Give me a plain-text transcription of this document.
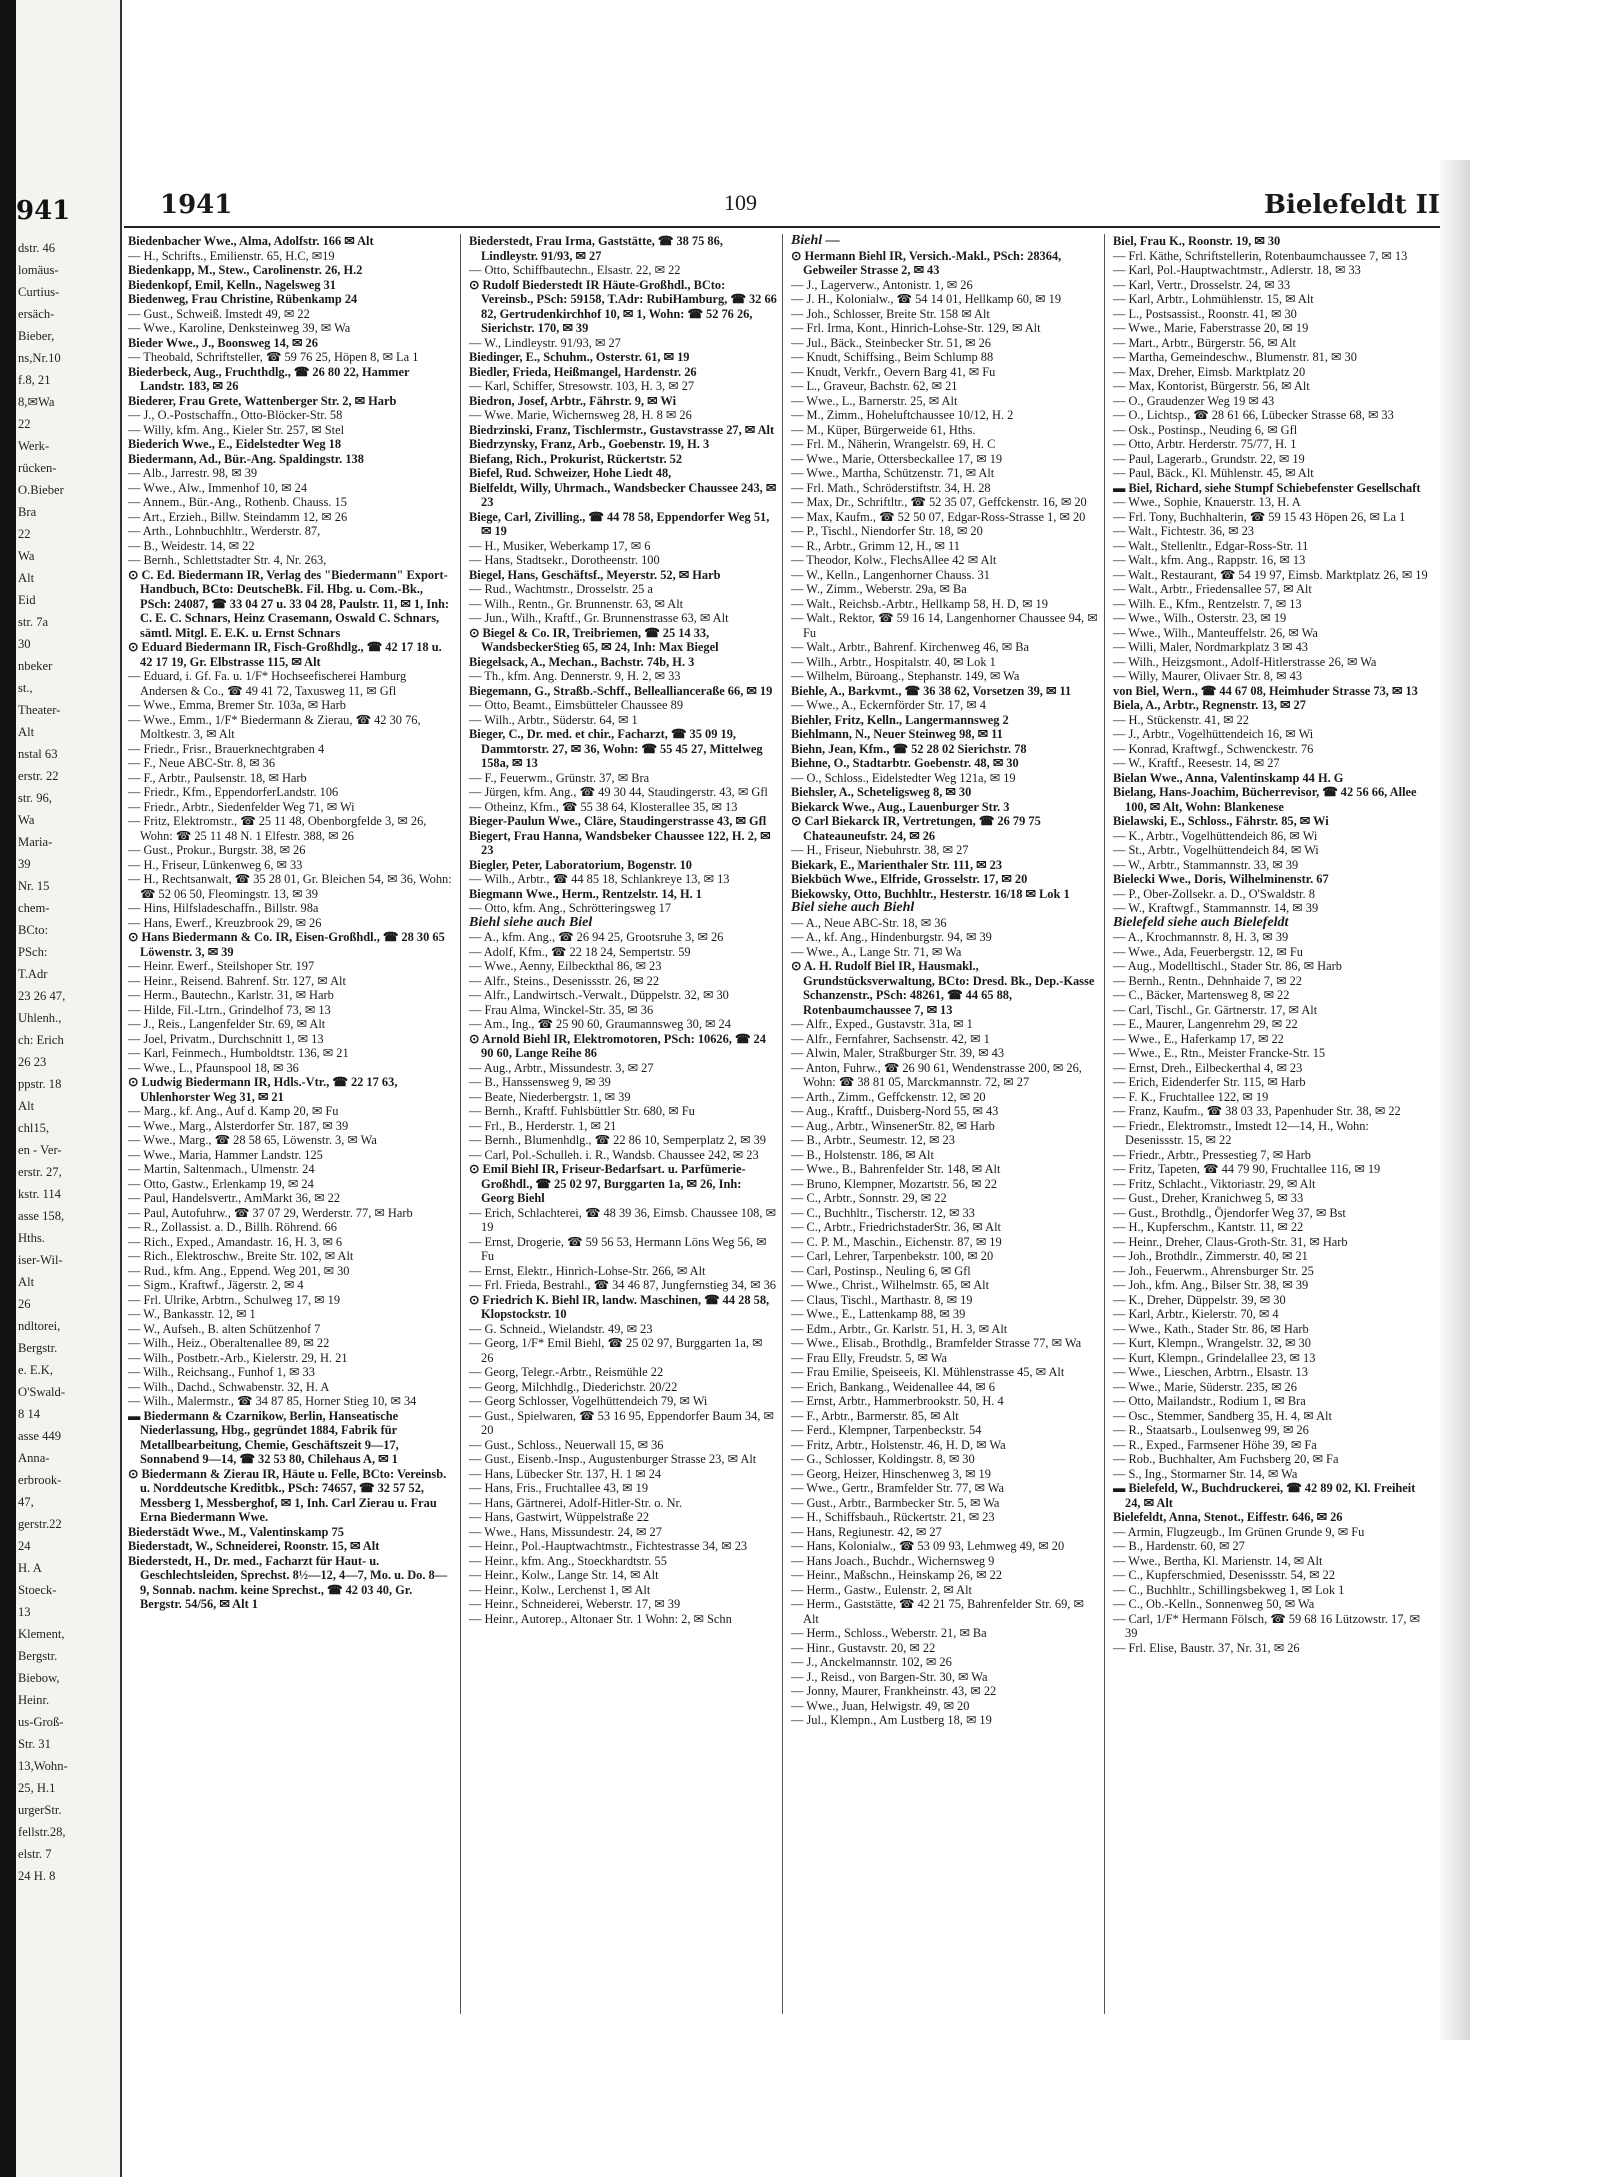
941
dstr. 46
lomäus-
Curtius-
ersäch-
Bieber,
ns,Nr.10
f.8, 21
8,✉Wa
22
Werk-
rücken-
O.Bieber
Bra
22
Wa
Alt
Eid
str. 7a
30
nbeker
st.,
Theater-
Alt
nstal 63
erstr. 22
str. 96,
Wa
Maria-
39
Nr. 15
chem-
BCto:
PSch:
T.Adr
23 26 47,
Uhlenh.,
ch: Erich
26 23
ppstr. 18
Alt
chl15,
en - Ver-
erstr. 27,
kstr. 114
asse 158,
Hths.
iser-Wil-
Alt
26
ndltorei,
Bergstr.
e. E.K,
O'Swald-
8 14
asse 449
Anna-
erbrook-
47,
gerstr.22
24
H. A
Stoeck-
13
Klement,
Bergstr.
Biebow,
Heinr.
us-Groß-
Str. 31
13,Wohn-
25, H.1
urgerStr.
fellstr.28,
elstr. 7
24 H. 8
1941	109	Bielefeldt II
Biedenbacher Wwe., Alma, Adolfstr. 166 ✉ Alt
— H., Schrifts., Emilienstr. 65, H.C, ✉19
Biedenkapp, M., Stew., Carolinenstr. 26, H.2
Biedenkopf, Emil, Kelln., Nagelsweg 31
Biedenweg, Frau Christine, Rübenkamp 24
— Gust., Schweiß. Imstedt 49, ✉ 22
— Wwe., Karoline, Denksteinweg 39, ✉ Wa
Bieder Wwe., J., Boonsweg 14, ✉ 26
— Theobald, Schriftsteller, ☎ 59 76 25, Höpen 8, ✉ La 1
Biederbeck, Aug., Fruchthdlg., ☎ 26 80 22, Hammer Landstr. 183, ✉ 26
Biederer, Frau Grete, Wattenberger Str. 2, ✉ Harb
— J., O.-Postschaffn., Otto-Blöcker-Str. 58
— Willy, kfm. Ang., Kieler Str. 257, ✉ Stel
Biederich Wwe., E., Eidelstedter Weg 18
Biedermann, Ad., Bür.-Ang. Spaldingstr. 138
— Alb., Jarrestr. 98, ✉ 39
— Wwe., Alw., Immenhof 10, ✉ 24
— Annem., Bür.-Ang., Rothenb. Chauss. 15
— Art., Erzieh., Billw. Steindamm 12, ✉ 26
— Arth., Lohnbuchhltr., Werderstr. 87,
— B., Weidestr. 14, ✉ 22
— Bernh., Schlettstadter Str. 4, Nr. 263,
⊙ C. Ed. Biedermann IR, Verlag des "Biedermann" Export-Handbuch, BCto: DeutscheBk. Fil. Hbg. u. Com.-Bk., PSch: 24087, ☎ 33 04 27 u. 33 04 28, Paulstr. 11, ✉ 1, Inh: C. E. C. Schnars, Heinz Crasemann, Oswald C. Schnars, sämtl. Mitgl. E. E.K. u. Ernst Schnars
⊙ Eduard Biedermann IR, Fisch-Großhdlg., ☎ 42 17 18 u. 42 17 19, Gr. Elbstrasse 115, ✉ Alt
— Eduard, i. Gf. Fa. u. 1/F* Hochseefischerei Hamburg Andersen & Co., ☎ 49 41 72, Taxusweg 11, ✉ Gfl
— Wwe., Emma, Bremer Str. 103a, ✉ Harb
— Wwe., Emm., 1/F* Biedermann & Zierau, ☎ 42 30 76, Moltkestr. 3, ✉ Alt
— Friedr., Frisr., Brauerknechtgraben 4
— F., Neue ABC-Str. 8, ✉ 36
— F., Arbtr., Paulsenstr. 18, ✉ Harb
— Friedr., Kfm., EppendorferLandstr. 106
— Friedr., Arbtr., Siedenfelder Weg 71, ✉ Wi
— Fritz, Elektromstr., ☎ 25 11 48, Obenborgfelde 3, ✉ 26, Wohn: ☎ 25 11 48 N. 1 Elfestr. 388, ✉ 26
— Gust., Prokur., Burgstr. 38, ✉ 26
— H., Friseur, Lünkenweg 6, ✉ 33
— H., Rechtsanwalt, ☎ 35 28 01, Gr. Bleichen 54, ✉ 36, Wohn: ☎ 52 06 50, Fleomingstr. 13, ✉ 39
— Hins, Hilfsladeschaffn., Billstr. 98a
— Hans, Ewerf., Kreuzbrook 29, ✉ 26
⊙ Hans Biedermann & Co. IR, Eisen-Großhdl., ☎ 28 30 65 Löwenstr. 3, ✉ 39
— Heinr. Ewerf., Steilshoper Str. 197
— Heinr., Reisend. Bahrenf. Str. 127, ✉ Alt
— Herm., Bautechn., Karlstr. 31, ✉ Harb
— Hilde, Fil.-Ltrn., Grindelhof 73, ✉ 13
— J., Reis., Langenfelder Str. 69, ✉ Alt
— Joel, Privatm., Durchschnitt 1, ✉ 13
— Karl, Feinmech., Humboldtstr. 136, ✉ 21
— Wwe., L., Pfaunspool 18, ✉ 36
⊙ Ludwig Biedermann IR, Hdls.-Vtr., ☎ 22 17 63, Uhlenhorster Weg 31, ✉ 21
— Marg., kf. Ang., Auf d. Kamp 20, ✉ Fu
— Wwe., Marg., Alsterdorfer Str. 187, ✉ 39
— Wwe., Marg., ☎ 28 58 65, Löwenstr. 3, ✉ Wa
— Wwe., Maria, Hammer Landstr. 125
— Martin, Saltenmach., Ulmenstr. 24
— Otto, Gastw., Erlenkamp 19, ✉ 24
— Paul, Handelsvertr., AmMarkt 36, ✉ 22
— Paul, Autofuhrw., ☎ 37 07 29, Werderstr. 77, ✉ Harb
— R., Zollassist. a. D., Billh. Röhrend. 66
— Rich., Exped., Amandastr. 16, H. 3, ✉ 6
— Rich., Elektroschw., Breite Str. 102, ✉ Alt
— Rud., kfm. Ang., Eppend. Weg 201, ✉ 30
— Sigm., Kraftwf., Jägerstr. 2, ✉ 4
— Frl. Ulrike, Arbtrn., Schulweg 17, ✉ 19
— W., Bankasstr. 12, ✉ 1
— W., Aufseh., B. alten Schützenhof 7
— Wilh., Heiz., Oberaltenallee 89, ✉ 22
— Wilh., Postbetr.-Arb., Kielerstr. 29, H. 21
— Wilh., Reichsang., Funhof 1, ✉ 33
— Wilh., Dachd., Schwabenstr. 32, H. A
— Wilh., Malermstr., ☎ 34 87 85, Horner Stieg 10, ✉ 34
▬ Biedermann & Czarnikow, Berlin, Hanseatische Niederlassung, Hbg., gegründet 1884, Fabrik für Metallbearbeitung, Chemie, Geschäftszeit 9—17, Sonnabend 9—14, ☎ 32 53 80, Chilehaus A, ✉ 1
⊙ Biedermann & Zierau IR, Häute u. Felle, BCto: Vereinsb. u. Norddeutsche Kreditbk., PSch: 74657, ☎ 32 57 52, Messberg 1, Messberghof, ✉ 1, Inh. Carl Zierau u. Frau Erna Biedermann Wwe.
Biederstädt Wwe., M., Valentinskamp 75
Biederstadt, W., Schneiderei, Roonstr. 15, ✉ Alt
Biederstedt, H., Dr. med., Facharzt für Haut- u. Geschlechtsleiden, Sprechst. 8½—12, 4—7, Mo. u. Do. 8—9, Sonnab. nachm. keine Sprechst., ☎ 42 03 40, Gr. Bergstr. 54/56, ✉ Alt 1
Biederstedt, Frau Irma, Gaststätte, ☎ 38 75 86, Lindleystr. 91/93, ✉ 27
— Otto, Schiffbautechn., Elsastr. 22, ✉ 22
⊙ Rudolf Biederstedt IR Häute-Großhdl., BCto: Vereinsb., PSch: 59158, T.Adr: RubiHamburg, ☎ 32 66 82, Gertrudenkirchhof 10, ✉ 1, Wohn: ☎ 52 76 26, Sierichstr. 170, ✉ 39
— W., Lindleystr. 91/93, ✉ 27
Biedinger, E., Schuhm., Osterstr. 61, ✉ 19
Biedler, Frieda, Heißmangel, Hardenstr. 26
— Karl, Schiffer, Stresowstr. 103, H. 3, ✉ 27
Biedron, Josef, Arbtr., Fährstr. 9, ✉ Wi
— Wwe. Marie, Wichernsweg 28, H. 8 ✉ 26
Biedrzinski, Franz, Tischlermstr., Gustavstrasse 27, ✉ Alt
Biedrzynsky, Franz, Arb., Goebenstr. 19, H. 3
Biefang, Rich., Prokurist, Rückertstr. 52
Biefel, Rud. Schweizer, Hohe Liedt 48,
Bielfeldt, Willy, Uhrmach., Wandsbecker Chaussee 243, ✉ 23
Biege, Carl, Zivilling., ☎ 44 78 58, Eppendorfer Weg 51, ✉ 19
— H., Musiker, Weberkamp 17, ✉ 6
— Hans, Stadtsekr., Dorotheenstr. 100
Biegel, Hans, Geschäftsf., Meyerstr. 52, ✉ Harb
— Rud., Wachtmstr., Drosselstr. 25 a
— Wilh., Rentn., Gr. Brunnenstr. 63, ✉ Alt
— Jun., Wilh., Kraftf., Gr. Brunnenstrasse 63, ✉ Alt
⊙ Biegel & Co. IR, Treibriemen, ☎ 25 14 33, WandsbeckerStieg 65, ✉ 24, Inh: Max Biegel
Biegelsack, A., Mechan., Bachstr. 74b, H. 3
— Th., kfm. Ang. Dennerstr. 9, H. 2, ✉ 33
Biegemann, G., Straßb.-Schff., Belleallianceraße 66, ✉ 19
— Otto, Beamt., Eimsbütteler Chaussee 89
— Wilh., Arbtr., Süderstr. 64, ✉ 1
Bieger, C., Dr. med. et chir., Facharzt, ☎ 35 09 19, Dammtorstr. 27, ✉ 36, Wohn: ☎ 55 45 27, Mittelweg 158a, ✉ 13
— F., Feuerwm., Grünstr. 37, ✉ Bra
— Jürgen, kfm. Ang., ☎ 49 30 44, Staudingerstr. 43, ✉ Gfl
— Otheinz, Kfm., ☎ 55 38 64, Klosterallee 35, ✉ 13
Bieger-Paulun Wwe., Cläre, Staudingerstrasse 43, ✉ Gfl
Biegert, Frau Hanna, Wandsbeker Chaussee 122, H. 2, ✉ 23
Biegler, Peter, Laboratorium, Bogenstr. 10
— Wilh., Arbtr., ☎ 44 85 18, Schlankreye 13, ✉ 13
Biegmann Wwe., Herm., Rentzelstr. 14, H. 1
— Otto, kfm. Ang., Schrötteringsweg 17
Biehl siehe auch Biel
— A., kfm. Ang., ☎ 26 94 25, Grootsruhe 3, ✉ 26
— Adolf, Kfm., ☎ 22 18 24, Sempertstr. 59
— Wwe., Aenny, Eilbeckthal 86, ✉ 23
— Alfr., Steins., Desenissstr. 26, ✉ 22
— Alfr., Landwirtsch.-Verwalt., Düppelstr. 32, ✉ 30
— Frau Alma, Winckel-Str. 35, ✉ 36
— Am., Ing., ☎ 25 90 60, Graumannsweg 30, ✉ 24
⊙ Arnold Biehl IR, Elektromotoren, PSch: 10626, ☎ 24 90 60, Lange Reihe 86
— Aug., Arbtr., Missundestr. 3, ✉ 27
— B., Hanssensweg 9, ✉ 39
— Beate, Niederbergstr. 1, ✉ 39
— Bernh., Kraftf. Fuhlsbüttler Str. 680, ✉ Fu
— Frl., B., Herderstr. 1, ✉ 21
— Bernh., Blumenhdlg., ☎ 22 86 10, Semperplatz 2, ✉ 39
— Carl, Pol.-Schulleh. i. R., Wandsb. Chaussee 242, ✉ 23
⊙ Emil Biehl IR, Friseur-Bedarfsart. u. Parfümerie-Großhdl., ☎ 25 02 97, Burggarten 1a, ✉ 26, Inh: Georg Biehl
— Erich, Schlachterei, ☎ 48 39 36, Eimsb. Chaussee 108, ✉ 19
— Ernst, Drogerie, ☎ 59 56 53, Hermann Löns Weg 56, ✉ Fu
— Ernst, Elektr., Hinrich-Lohse-Str. 266, ✉ Alt
— Frl. Frieda, Bestrahl., ☎ 34 46 87, Jungfernstieg 34, ✉ 36
⊙ Friedrich K. Biehl IR, landw. Maschinen, ☎ 44 28 58, Klopstockstr. 10
— G. Schneid., Wielandstr. 49, ✉ 23
— Georg, 1/F* Emil Biehl, ☎ 25 02 97, Burggarten 1a, ✉ 26
— Georg, Telegr.-Arbtr., Reismühle 22
— Georg, Milchhdlg., Diederichstr. 20/22
— Georg Schlosser, Vogelhüttendeich 79, ✉ Wi
— Gust., Spielwaren, ☎ 53 16 95, Eppendorfer Baum 34, ✉ 20
— Gust., Schloss., Neuerwall 15, ✉ 36
— Gust., Eisenb.-Insp., Augustenburger Strasse 23, ✉ Alt
— Hans, Lübecker Str. 137, H. 1 ✉ 24
— Hans, Fris., Fruchtallee 43, ✉ 19
— Hans, Gärtnerei, Adolf-Hitler-Str. o. Nr.
— Hans, Gastwirt, Wüppelstraße 22
— Wwe., Hans, Missundestr. 24, ✉ 27
— Heinr., Pol.-Hauptwachtmstr., Fichtestrasse 34, ✉ 23
— Heinr., kfm. Ang., Stoeckhardtstr. 55
— Heinr., Kolw., Lange Str. 14, ✉ Alt
— Heinr., Kolw., Lerchenst 1, ✉ Alt
— Heinr., Schneiderei, Weberstr. 17, ✉ 39
— Heinr., Autorep., Altonaer Str. 1 Wohn: 2, ✉ Schn
Biehl —
⊙ Hermann Biehl IR, Versich.-Makl., PSch: 28364, Gebweiler Strasse 2, ✉ 43
— J., Lagerverw., Antonistr. 1, ✉ 26
— J. H., Kolonialw., ☎ 54 14 01, Hellkamp 60, ✉ 19
— Joh., Schlosser, Breite Str. 158 ✉ Alt
— Frl. Irma, Kont., Hinrich-Lohse-Str. 129, ✉ Alt
— Jul., Bäck., Steinbecker Str. 51, ✉ 26
— Knudt, Schiffsing., Beim Schlump 88
— Knudt, Verkfr., Oevern Barg 41, ✉ Fu
— L., Graveur, Bachstr. 62, ✉ 21
— Wwe., L., Barnerstr. 25, ✉ Alt
— M., Zimm., Hoheluftchaussee 10/12, H. 2
— M., Küper, Bürgerweide 61, Hths.
— Frl. M., Näherin, Wrangelstr. 69, H. C
— Wwe., Marie, Ottersbeckallee 17, ✉ 19
— Wwe., Martha, Schützenstr. 71, ✉ Alt
— Frl. Math., Schröderstiftstr. 34, H. 28
— Max, Dr., Schriftltr., ☎ 52 35 07, Geffckenstr. 16, ✉ 20
— Max, Kaufm., ☎ 52 50 07, Edgar-Ross-Strasse 1, ✉ 20
— P., Tischl., Niendorfer Str. 18, ✉ 20
— R., Arbtr., Grimm 12, H., ✉ 11
— Theodor, Kolw., FlechsAllee 42 ✉ Alt
— W., Kelln., Langenhorner Chauss. 31
— W., Zimm., Weberstr. 29a, ✉ Ba
— Walt., Reichsb.-Arbtr., Hellkamp 58, H. D, ✉ 19
— Walt., Rektor, ☎ 59 16 14, Langenhorner Chaussee 94, ✉ Fu
— Walt., Arbtr., Bahrenf. Kirchenweg 46, ✉ Ba
— Wilh., Arbtr., Hospitalstr. 40, ✉ Lok 1
— Wilhelm, Büroang., Stephanstr. 149, ✉ Wa
Biehle, A., Barkvmt., ☎ 36 38 62, Vorsetzen 39, ✉ 11
— Wwe., A., Eckernförder Str. 17, ✉ 4
Biehler, Fritz, Kelln., Langermannsweg 2
Biehlmann, N., Neuer Steinweg 98, ✉ 11
Biehn, Jean, Kfm., ☎ 52 28 02 Sierichstr. 78
Biehne, O., Stadtarbtr. Goebenstr. 48, ✉ 30
— O., Schloss., Eidelstedter Weg 121a, ✉ 19
Biehsler, A., Scheteligsweg 8, ✉ 30
Biekarck Wwe., Aug., Lauenburger Str. 3
⊙ Carl Biekarck IR, Vertretungen, ☎ 26 79 75 Chateauneufstr. 24, ✉ 26
— H., Friseur, Niebuhrstr. 38, ✉ 27
Biekark, E., Marienthaler Str. 111, ✉ 23
Biekbüch Wwe., Elfride, Grosselstr. 17, ✉ 20
Biekowsky, Otto, Buchhltr., Hesterstr. 16/18 ✉ Lok 1
Biel siehe auch Biehl
— A., Neue ABC-Str. 18, ✉ 36
— A., kf. Ang., Hindenburgstr. 94, ✉ 39
— Wwe., A., Lange Str. 71, ✉ Wa
⊙ A. H. Rudolf Biel IR, Hausmakl., Grundstücksverwaltung, BCto: Dresd. Bk., Dep.-Kasse Schanzenstr., PSch: 48261, ☎ 44 65 88, Rotenbaumchaussee 7, ✉ 13
— Alfr., Exped., Gustavstr. 31a, ✉ 1
— Alfr., Fernfahrer, Sachsenstr. 42, ✉ 1
— Alwin, Maler, Straßburger Str. 39, ✉ 43
— Anton, Fuhrw., ☎ 26 90 61, Wendenstrasse 200, ✉ 26, Wohn: ☎ 38 81 05, Marckmannstr. 72, ✉ 27
— Arth., Zimm., Geffckenstr. 12, ✉ 20
— Aug., Kraftf., Duisberg-Nord 55, ✉ 43
— Aug., Arbtr., WinsenerStr. 82, ✉ Harb
— B., Arbtr., Seumestr. 12, ✉ 23
— B., Holstenstr. 186, ✉ Alt
— Wwe., B., Bahrenfelder Str. 148, ✉ Alt
— Bruno, Klempner, Mozartstr. 56, ✉ 22
— C., Arbtr., Sonnstr. 29, ✉ 22
— C., Buchhltr., Tischerstr. 12, ✉ 33
— C., Arbtr., FriedrichstaderStr. 36, ✉ Alt
— C. P. M., Maschin., Eichenstr. 87, ✉ 19
— Carl, Lehrer, Tarpenbekstr. 100, ✉ 20
— Carl, Postinsp., Neuling 6, ✉ Gfl
— Wwe., Christ., Wilhelmstr. 65, ✉ Alt
— Claus, Tischl., Marthastr. 8, ✉ 19
— Wwe., E., Lattenkamp 88, ✉ 39
— Edm., Arbtr., Gr. Karlstr. 51, H. 3, ✉ Alt
— Wwe., Elisab., Brothdlg., Bramfelder Strasse 77, ✉ Wa
— Frau Elly, Freudstr. 5, ✉ Wa
— Frau Emilie, Speiseeis, Kl. Mühlenstrasse 45, ✉ Alt
— Erich, Bankang., Weidenallee 44, ✉ 6
— Ernst, Arbtr., Hammerbrookstr. 50, H. 4
— F., Arbtr., Barmerstr. 85, ✉ Alt
— Ferd., Klempner, Tarpenbeckstr. 54
— Fritz, Arbtr., Holstenstr. 46, H. D, ✉ Wa
— G., Schlosser, Koldingstr. 8, ✉ 30
— Georg, Heizer, Hinschenweg 3, ✉ 19
— Wwe., Gertr., Bramfelder Str. 77, ✉ Wa
— Gust., Arbtr., Barmbecker Str. 5, ✉ Wa
— H., Schiffsbauh., Rückertstr. 21, ✉ 23
— Hans, Regiunestr. 42, ✉ 27
— Hans, Kolonialw., ☎ 53 09 93, Lehmweg 49, ✉ 20
— Hans Joach., Buchdr., Wichernsweg 9
— Heinr., Maßschn., Heinskamp 26, ✉ 22
— Herm., Gastw., Eulenstr. 2, ✉ Alt
— Herm., Gaststätte, ☎ 42 21 75, Bahrenfelder Str. 69, ✉ Alt
— Herm., Schloss., Weberstr. 21, ✉ Ba
— Hinr., Gustavstr. 20, ✉ 22
— J., Anckelmannstr. 102, ✉ 26
— J., Reisd., von Bargen-Str. 30, ✉ Wa
— Jonny, Maurer, Frankheinstr. 43, ✉ 22
— Wwe., Juan, Helwigstr. 49, ✉ 20
— Jul., Klempn., Am Lustberg 18, ✉ 19
Biel, Frau K., Roonstr. 19, ✉ 30
— Frl. Käthe, Schriftstellerin, Rotenbaumchaussee 7, ✉ 13
— Karl, Pol.-Hauptwachtmstr., Adlerstr. 18, ✉ 33
— Karl, Vertr., Drosselstr. 24, ✉ 33
— Karl, Arbtr., Lohmühlenstr. 15, ✉ Alt
— L., Postsassist., Roonstr. 41, ✉ 30
— Wwe., Marie, Faberstrasse 20, ✉ 19
— Mart., Arbtr., Bürgerstr. 56, ✉ Alt
— Martha, Gemeindeschw., Blumenstr. 81, ✉ 30
— Max, Dreher, Eimsb. Marktplatz 20
— Max, Kontorist, Bürgerstr. 56, ✉ Alt
— O., Graudenzer Weg 19 ✉ 43
— O., Lichtsp., ☎ 28 61 66, Lübecker Strasse 68, ✉ 33
— Osk., Postinsp., Neuding 6, ✉ Gfl
— Otto, Arbtr. Herderstr. 75/77, H. 1
— Paul, Lagerarb., Grundstr. 22, ✉ 19
— Paul, Bäck., Kl. Mühlenstr. 45, ✉ Alt
▬ Biel, Richard, siehe Stumpf Schiebefenster Gesellschaft
— Wwe., Sophie, Knauerstr. 13, H. A
— Frl. Tony, Buchhalterin, ☎ 59 15 43 Höpen 26, ✉ La 1
— Walt., Fichtestr. 36, ✉ 23
— Walt., Stellenltr., Edgar-Ross-Str. 11
— Walt., kfm. Ang., Rappstr. 16, ✉ 13
— Walt., Restaurant, ☎ 54 19 97, Eimsb. Marktplatz 26, ✉ 19
— Walt., Arbtr., Friedensallee 57, ✉ Alt
— Wilh. E., Kfm., Rentzelstr. 7, ✉ 13
— Wwe., Wilh., Osterstr. 23, ✉ 19
— Wwe., Wilh., Manteuffelstr. 26, ✉ Wa
— Willi, Maler, Nordmarkplatz 3 ✉ 43
— Wilh., Heizgsmont., Adolf-Hitlerstrasse 26, ✉ Wa
— Willy, Maurer, Olivaer Str. 8, ✉ 43
von Biel, Wern., ☎ 44 67 08, Heimhuder Strasse 73, ✉ 13
Biela, A., Arbtr., Regnenstr. 13, ✉ 27
— H., Stückenstr. 41, ✉ 22
— J., Arbtr., Vogelhüttendeich 16, ✉ Wi
— Konrad, Kraftwgf., Schwenckestr. 76
— W., Kraftf., Reesestr. 14, ✉ 27
Bielan Wwe., Anna, Valentinskamp 44 H. G
Bielang, Hans-Joachim, Bücherrevisor, ☎ 42 56 66, Allee 100, ✉ Alt, Wohn: Blankenese
Bielawski, E., Schloss., Fährstr. 85, ✉ Wi
— K., Arbtr., Vogelhüttendeich 86, ✉ Wi
— St., Arbtr., Vogelhüttendeich 84, ✉ Wi
— W., Arbtr., Stammannstr. 33, ✉ 39
Bielecki Wwe., Doris, Wilhelminenstr. 67
— P., Ober-Zollsekr. a. D., O'Swaldstr. 8
— W., Kraftwgf., Stammannstr. 14, ✉ 39
Bielefeld siehe auch Bielefeldt
— A., Krochmannstr. 8, H. 3, ✉ 39
— Wwe., Ada, Feuerbergstr. 12, ✉ Fu
— Aug., Modelltischl., Stader Str. 86, ✉ Harb
— Bernh., Rentn., Dehnhaide 7, ✉ 22
— C., Bäcker, Martensweg 8, ✉ 22
— Carl, Tischl., Gr. Gärtnerstr. 17, ✉ Alt
— E., Maurer, Langenrehm 29, ✉ 22
— Wwe., E., Haferkamp 17, ✉ 22
— Wwe., E., Rtn., Meister Francke-Str. 15
— Ernst, Dreh., Eilbeckerthal 4, ✉ 23
— Erich, Eidenderfer Str. 115, ✉ Harb
— F. K., Fruchtallee 122, ✉ 19
— Franz, Kaufm., ☎ 38 03 33, Papenhuder Str. 38, ✉ 22
— Friedr., Elektromstr., Imstedt 12—14, H., Wohn: Desenissstr. 15, ✉ 22
— Friedr., Arbtr., Pressestieg 7, ✉ Harb
— Fritz, Tapeten, ☎ 44 79 90, Fruchtallee 116, ✉ 19
— Fritz, Schlacht., Viktoriastr. 29, ✉ Alt
— Gust., Dreher, Kranichweg 5, ✉ 33
— Gust., Brothdlg., Öjendorfer Weg 37, ✉ Bst
— H., Kupferschm., Kantstr. 11, ✉ 22
— Heinr., Dreher, Claus-Groth-Str. 31, ✉ Harb
— Joh., Brothdlr., Zimmerstr. 40, ✉ 21
— Joh., Feuerwm., Ahrensburger Str. 25
— Joh., kfm. Ang., Bilser Str. 38, ✉ 39
— K., Dreher, Düppelstr. 39, ✉ 30
— Karl, Arbtr., Kielerstr. 70, ✉ 4
— Wwe., Kath., Stader Str. 86, ✉ Harb
— Kurt, Klempn., Wrangelstr. 32, ✉ 30
— Kurt, Klempn., Grindelallee 23, ✉ 13
— Wwe., Lieschen, Arbtrn., Elsastr. 13
— Wwe., Marie, Süderstr. 235, ✉ 26
— Otto, Mailandstr., Rodium 1, ✉ Bra
— Osc., Stemmer, Sandberg 35, H. 4, ✉ Alt
— R., Staatsarb., Loulsenweg 99, ✉ 26
— R., Exped., Farmsener Höhe 39, ✉ Fa
— Rob., Buchhalter, Am Fuchsberg 20, ✉ Fa
— S., Ing., Stormarner Str. 14, ✉ Wa
▬ Bielefeld, W., Buchdruckerei, ☎ 42 89 02, Kl. Freiheit 24, ✉ Alt
Bielefeldt, Anna, Stenot., Eiffestr. 646, ✉ 26
— Armin, Flugzeugb., Im Grünen Grunde 9, ✉ Fu
— B., Hardenstr. 60, ✉ 27
— Wwe., Bertha, Kl. Marienstr. 14, ✉ Alt
— C., Kupferschmied, Desenissstr. 54, ✉ 22
— C., Buchhltr., Schillingsbekweg 1, ✉ Lok 1
— C., Ob.-Kelln., Sonnenweg 50, ✉ Wa
— Carl, 1/F* Hermann Fölsch, ☎ 59 68 16 Lützowstr. 17, ✉ 39
— Frl. Elise, Baustr. 37, Nr. 31, ✉ 26
